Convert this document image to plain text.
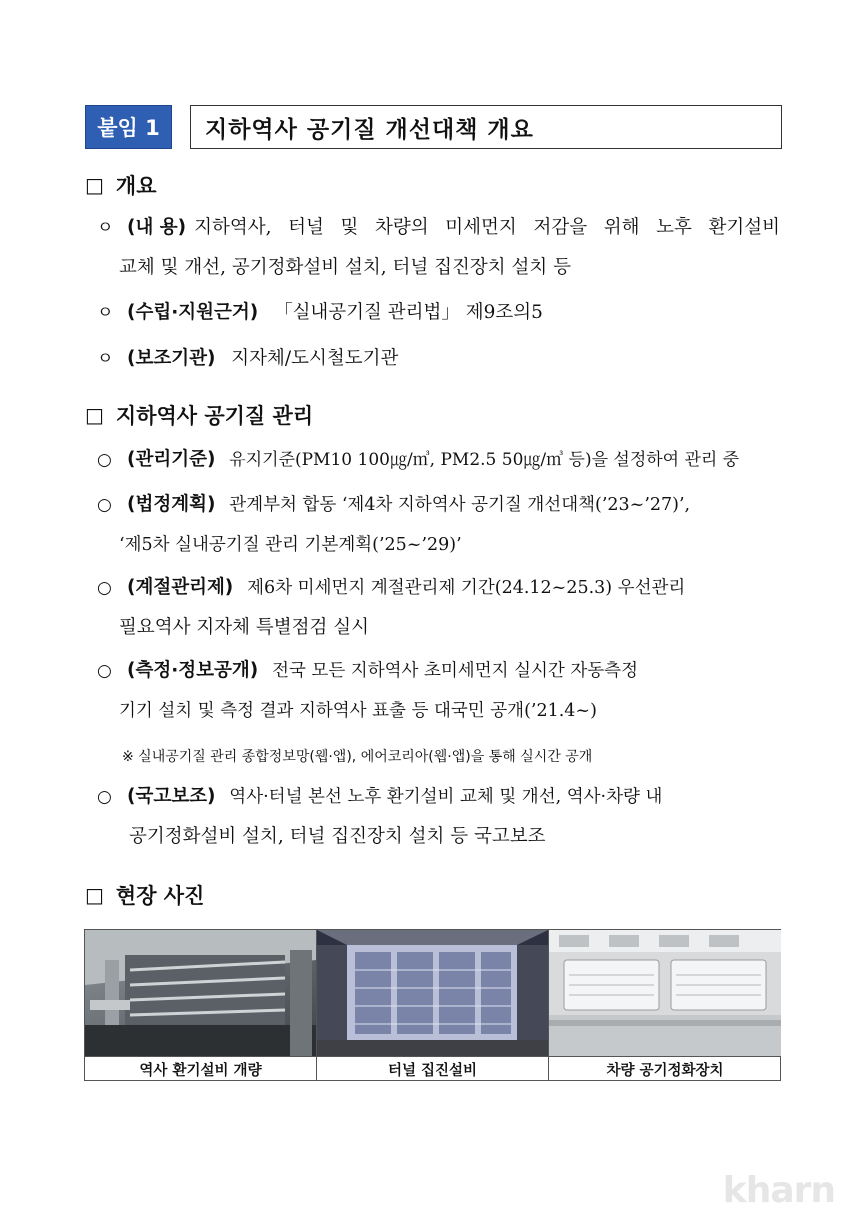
붙임 1	지하역사 공기질 개선대책 개요
□ 개요
ㅇ (내 용) 지하역사, 터널 및 차량의 미세먼지 저감을 위해 노후 환기설비
교체 및 개선, 공기정화설비 설치, 터널 집진장치 설치 등
ㅇ (수립·지원근거) 「실내공기질 관리법」 제9조의5
ㅇ (보조기관) 지자체/도시철도기관
□ 지하역사 공기질 관리
○ (관리기준) 유지기준(PM10 100㎍/㎥, PM2.5 50㎍/㎥ 등)을 설정하여 관리 중
○ (법정계획) 관계부처 합동 ‘제4차 지하역사 공기질 개선대책(’23~’27)’,
‘제5차 실내공기질 관리 기본계획(’25~’29)’
○ (계절관리제) 제6차 미세먼지 계절관리제 기간(24.12~25.3) 우선관리
필요역사 지자체 특별점검 실시
○ (측정·정보공개) 전국 모든 지하역사 초미세먼지 실시간 자동측정
기기 설치 및 측정 결과 지하역사 표출 등 대국민 공개(’21.4~)
※ 실내공기질 관리 종합정보망(웹·앱), 에어코리아(웹·앱)을 통해 실시간 공개
○ (국고보조) 역사·터널 본선 노후 환기설비 교체 및 개선, 역사·차량 내
공기정화설비 설치, 터널 집진장치 설치 등 국고보조
□ 현장 사진
역사 환기설비 개량	터널 집진설비	차량 공기정화장치
kharn
